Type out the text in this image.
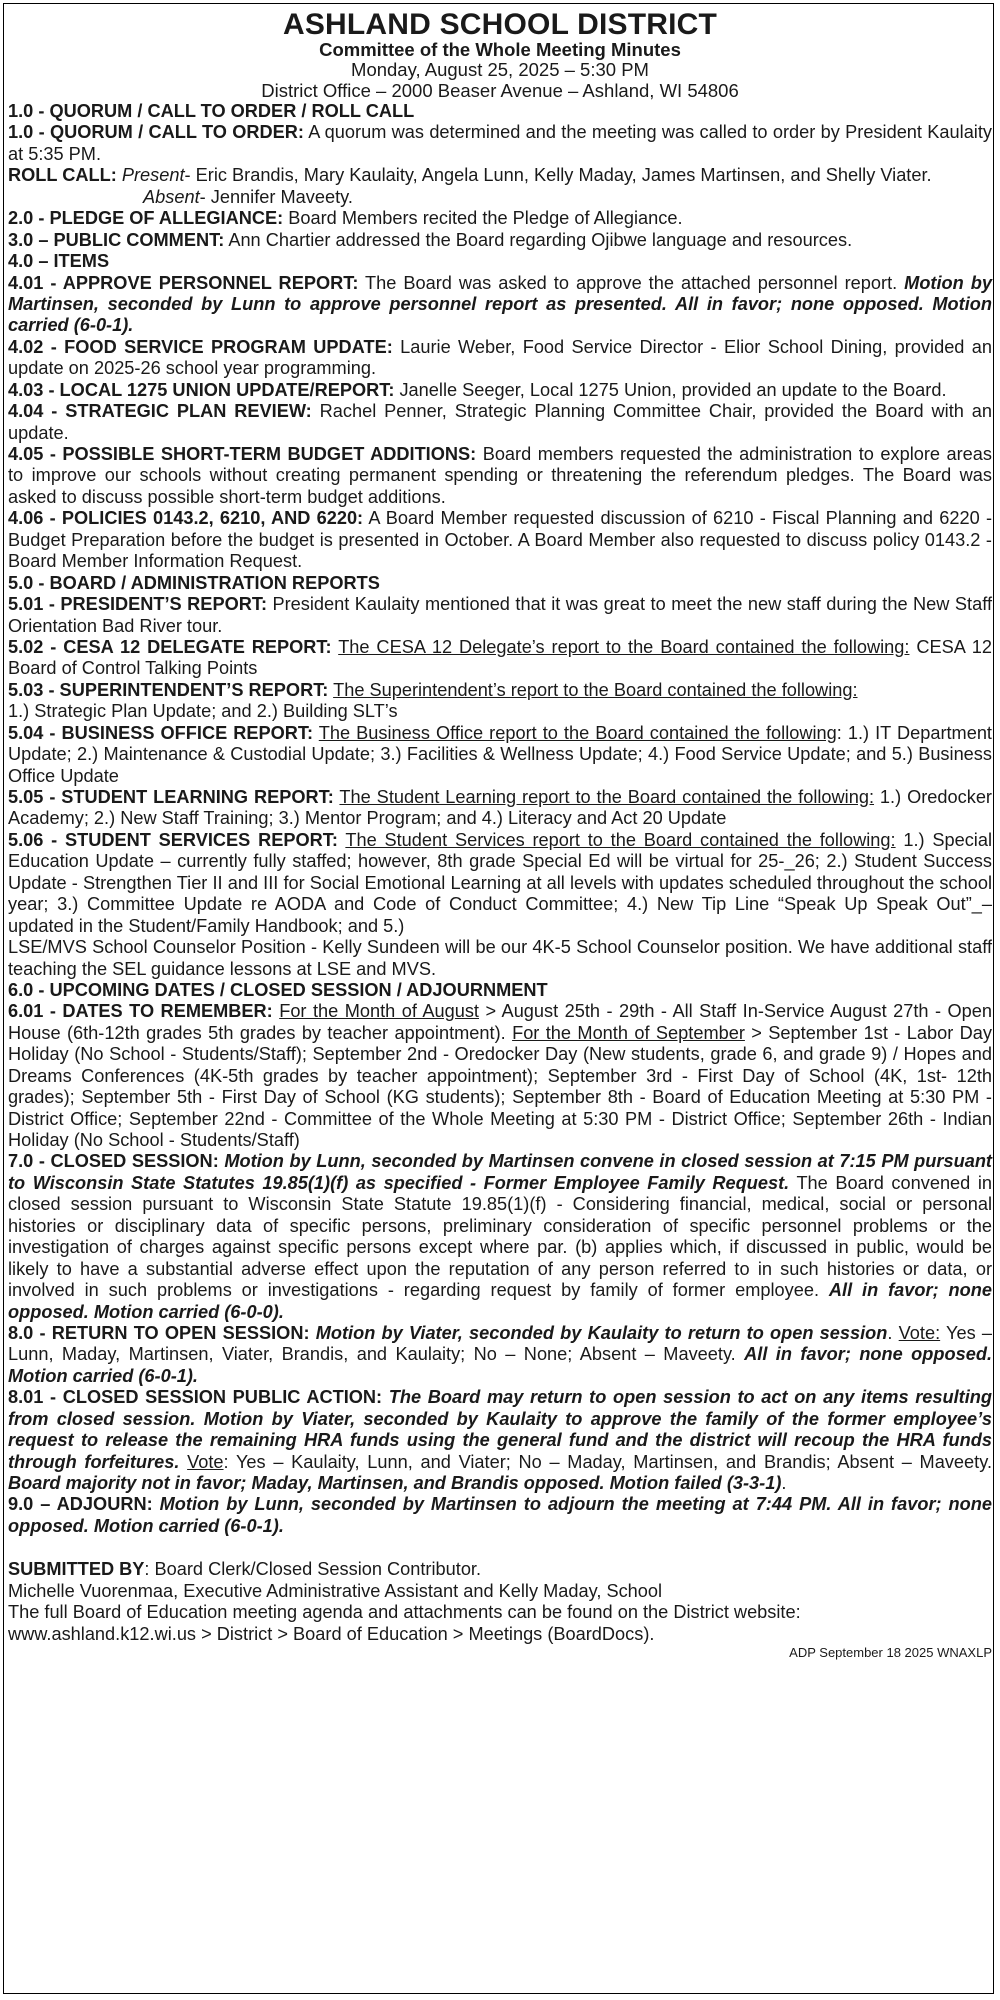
ASHLAND SCHOOL DISTRICT
Committee of the Whole Meeting Minutes
Monday, August 25, 2025 – 5:30 PM
District Office – 2000 Beaser Avenue – Ashland, WI 54806

1.0 - QUORUM / CALL TO ORDER / ROLL CALL

1.0 - QUORUM / CALL TO ORDER: A quorum was determined and the meeting was called to order by President Kaulaity at 5:35 PM.

ROLL CALL: Present- Eric Brandis, Mary Kaulaity, Angela Lunn, Kelly Maday, James Martinsen, and Shelly Viater.

Absent- Jennifer Maveety.

2.0 - PLEDGE OF ALLEGIANCE: Board Members recited the Pledge of Allegiance.

3.0 – PUBLIC COMMENT: Ann Chartier addressed the Board regarding Ojibwe language and resources.

4.0 – ITEMS

4.01 - APPROVE PERSONNEL REPORT: The Board was asked to approve the attached personnel report. Motion by Martinsen, seconded by Lunn to approve personnel report as presented. All in favor; none opposed. Motion carried (6-0-1).

4.02 - FOOD SERVICE PROGRAM UPDATE: Laurie Weber, Food Service Director - Elior School Dining, provided an update on 2025-26 school year programming.

4.03 - LOCAL 1275 UNION UPDATE/REPORT: Janelle Seeger, Local 1275 Union, provided an update to the Board.

4.04 - STRATEGIC PLAN REVIEW: Rachel Penner, Strategic Planning Committee Chair, provided the Board with an update.

4.05 - POSSIBLE SHORT-TERM BUDGET ADDITIONS: Board members requested the administration to explore areas to improve our schools without creating permanent spending or threatening the referendum pledges. The Board was asked to discuss possible short-term budget additions.

4.06 - POLICIES 0143.2, 6210, AND 6220: A Board Member requested discussion of 6210 - Fiscal Planning and 6220 - Budget Preparation before the budget is presented in October. A Board Member also requested to discuss policy 0143.2 - Board Member Information Request.

5.0 - BOARD / ADMINISTRATION REPORTS

5.01 - PRESIDENT’S REPORT: President Kaulaity mentioned that it was great to meet the new staff during the New Staff Orientation Bad River tour.

5.02 - CESA 12 DELEGATE REPORT: The CESA 12 Delegate’s report to the Board contained the following: CESA 12 Board of Control Talking Points

5.03 - SUPERINTENDENT’S REPORT: The Superintendent’s report to the Board contained the following:

1.) Strategic Plan Update; and 2.) Building SLT’s

5.04 - BUSINESS OFFICE REPORT: The Business Office report to the Board contained the following: 1.) IT Department Update; 2.) Maintenance & Custodial Update; 3.) Facilities & Wellness Update; 4.) Food Service Update; and 5.) Business Office Update

5.05 - STUDENT LEARNING REPORT: The Student Learning report to the Board contained the following: 1.) Oredocker Academy; 2.) New Staff Training; 3.) Mentor Program; and 4.) Literacy and Act 20 Update

5.06 - STUDENT SERVICES REPORT: The Student Services report to the Board contained the following: 1.) Special Education Update – currently fully staffed; however, 8th grade Special Ed will be virtual for 25-_26; 2.) Student Success Update - Strengthen Tier II and III for Social Emotional Learning at all levels with updates scheduled throughout the school year; 3.) Committee Update re AODA and Code of Conduct Committee; 4.) New Tip Line “Speak Up Speak Out”_– updated in the Student/Family Handbook; and 5.)

LSE/MVS School Counselor Position - Kelly Sundeen will be our 4K-5 School Counselor position. We have additional staff teaching the SEL guidance lessons at LSE and MVS.

6.0 - UPCOMING DATES / CLOSED SESSION / ADJOURNMENT

6.01 - DATES TO REMEMBER: For the Month of August > August 25th - 29th - All Staff In-Service August 27th - Open House (6th-12th grades 5th grades by teacher appointment). For the Month of September > September 1st - Labor Day Holiday (No School - Students/Staff); September 2nd - Oredocker Day (New students, grade 6, and grade 9) / Hopes and Dreams Conferences (4K-5th grades by teacher appointment); September 3rd - First Day of School (4K, 1st- 12th grades); September 5th - First Day of School (KG students); September 8th - Board of Education Meeting at 5:30 PM - District Office; September 22nd - Committee of the Whole Meeting at 5:30 PM - District Office; September 26th - Indian Holiday (No School - Students/Staff)

7.0 - CLOSED SESSION: Motion by Lunn, seconded by Martinsen convene in closed session at 7:15 PM pursuant to Wisconsin State Statutes 19.85(1)(f) as specified - Former Employee Family Request. The Board convened in closed session pursuant to Wisconsin State Statute 19.85(1)(f) - Considering financial, medical, social or personal histories or disciplinary data of specific persons, preliminary consideration of specific personnel problems or the investigation of charges against specific persons except where par. (b) applies which, if discussed in public, would be likely to have a substantial adverse effect upon the reputation of any person referred to in such histories or data, or involved in such problems or investigations - regarding request by family of former employee. All in favor; none opposed. Motion carried (6-0-0).

8.0 - RETURN TO OPEN SESSION: Motion by Viater, seconded by Kaulaity to return to open session. Vote: Yes – Lunn, Maday, Martinsen, Viater, Brandis, and Kaulaity; No – None; Absent – Maveety. All in favor; none opposed. Motion carried (6-0-1).

8.01 - CLOSED SESSION PUBLIC ACTION: The Board may return to open session to act on any items resulting from closed session. Motion by Viater, seconded by Kaulaity to approve the family of the former employee’s request to release the remaining HRA funds using the general fund and the district will recoup the HRA funds through forfeitures. Vote: Yes – Kaulaity, Lunn, and Viater; No – Maday, Martinsen, and Brandis; Absent – Maveety. Board majority not in favor; Maday, Martinsen, and Brandis opposed. Motion failed (3-3-1).

9.0 – ADJOURN: Motion by Lunn, seconded by Martinsen to adjourn the meeting at 7:44 PM. All in favor; none opposed. Motion carried (6-0-1).

SUBMITTED BY: Board Clerk/Closed Session Contributor.

Michelle Vuorenmaa, Executive Administrative Assistant and Kelly Maday, School

The full Board of Education meeting agenda and attachments can be found on the District website: www.ashland.k12.wi.us > District > Board of Education > Meetings (BoardDocs).

ADP September 18 2025 WNAXLP
